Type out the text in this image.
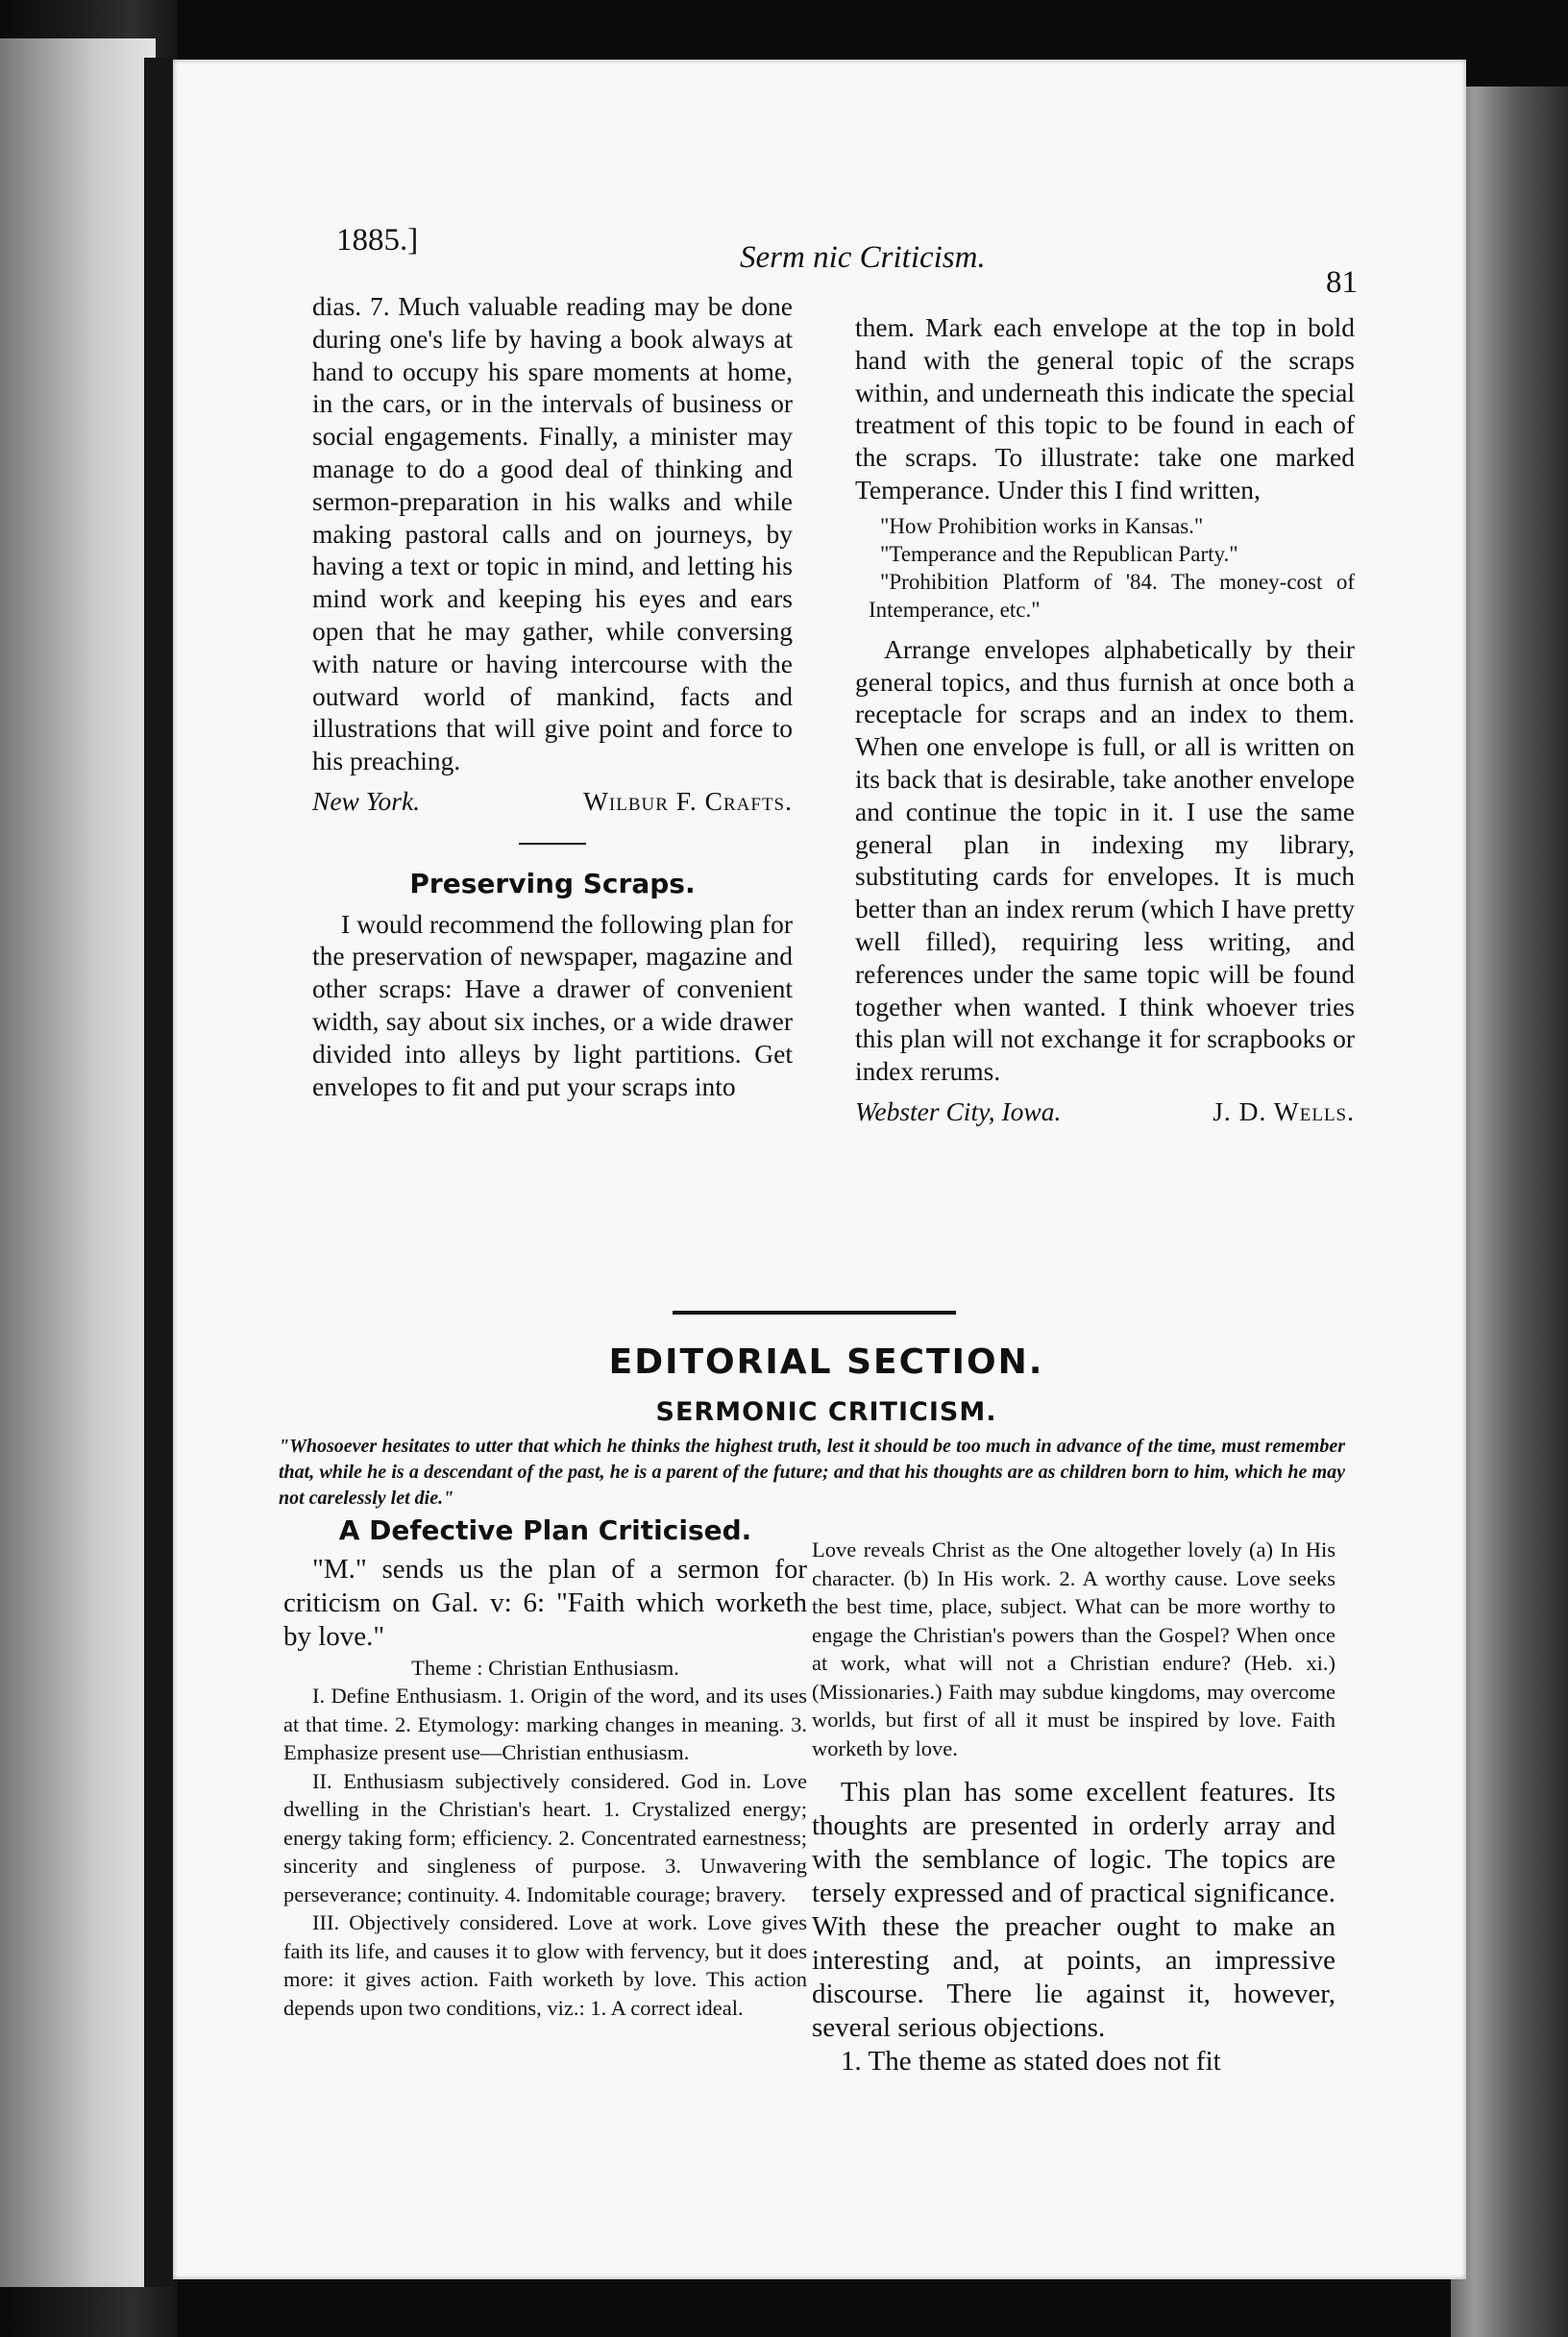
1885.]	Serm nic Criticism.
81

dias. 7. Much valuable reading may be done during one's life by having a book always at hand to occupy his spare moments at home, in the cars, or in the intervals of business or social engagements. Finally, a minister may manage to do a good deal of thinking and sermon-preparation in his walks and while making pastoral calls and on journeys, by having a text or topic in mind, and letting his mind work and keeping his eyes and ears open that he may gather, while conversing with nature or having intercourse with the outward world of mankind, facts and illustrations that will give point and force to his preaching.

New York.	Wilbur F. Crafts.
Preserving Scraps.

I would recommend the following plan for the preservation of newspaper, magazine and other scraps: Have a drawer of convenient width, say about six inches, or a wide drawer divided into alleys by light partitions. Get envelopes to fit and put your scraps into

them. Mark each envelope at the top in bold hand with the general topic of the scraps within, and underneath this indicate the special treatment of this topic to be found in each of the scraps. To illustrate: take one marked Temperance. Under this I find written,

"How Prohibition works in Kansas."

"Temperance and the Republican Party."

"Prohibition Platform of '84. The money-cost of Intemperance, etc."

Arrange envelopes alphabetically by their general topics, and thus furnish at once both a receptacle for scraps and an index to them. When one envelope is full, or all is written on its back that is desirable, take another envelope and continue the topic in it. I use the same general plan in indexing my library, substituting cards for envelopes. It is much better than an index rerum (which I have pretty well filled), requiring less writing, and references under the same topic will be found together when wanted. I think whoever tries this plan will not exchange it for scrapbooks or index rerums.

Webster City, Iowa.	J. D. Wells.
EDITORIAL SECTION.
SERMONIC CRITICISM.
"Whosoever hesitates to utter that which he thinks the highest truth, lest it should be too much in advance of the time, must remember that, while he is a descendant of the past, he is a parent of the future; and that his thoughts are as children born to him, which he may not carelessly let die."
A Defective Plan Criticised.

"M." sends us the plan of a sermon for criticism on Gal. v: 6: "Faith which worketh by love."

Theme : Christian Enthusiasm.

I. Define Enthusiasm. 1. Origin of the word, and its uses at that time. 2. Etymology: marking changes in meaning. 3. Emphasize present use—Christian enthusiasm.

II. Enthusiasm subjectively considered. God in. Love dwelling in the Christian's heart. 1. Crystalized energy; energy taking form; efficiency. 2. Concentrated earnestness; sincerity and singleness of purpose. 3. Unwavering perseverance; continuity. 4. Indomitable courage; bravery.

III. Objectively considered. Love at work. Love gives faith its life, and causes it to glow with fervency, but it does more: it gives action. Faith worketh by love. This action depends upon two conditions, viz.: 1. A correct ideal.

Love reveals Christ as the One altogether lovely (a) In His character. (b) In His work. 2. A worthy cause. Love seeks the best time, place, subject. What can be more worthy to engage the Christian's powers than the Gospel? When once at work, what will not a Christian endure? (Heb. xi.) (Missionaries.) Faith may subdue kingdoms, may overcome worlds, but first of all it must be inspired by love. Faith worketh by love.

This plan has some excellent features. Its thoughts are presented in orderly array and with the semblance of logic. The topics are tersely expressed and of practical significance. With these the preacher ought to make an interesting and, at points, an impressive discourse. There lie against it, however, several serious objections.

1. The theme as stated does not fit
